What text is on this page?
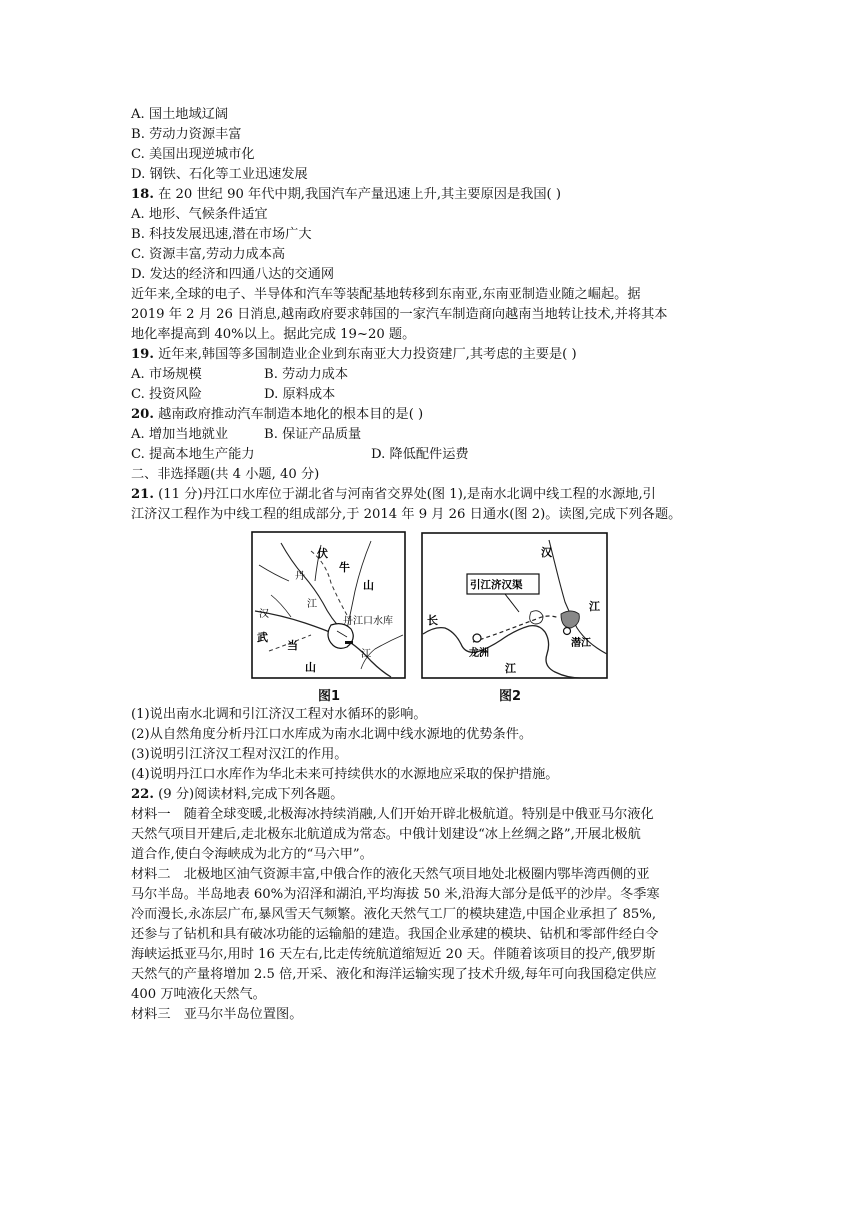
A. 国土地域辽阔
B. 劳动力资源丰富
C. 美国出现逆城市化
D. 钢铁、石化等工业迅速发展
18. 在 20 世纪 90 年代中期,我国汽车产量迅速上升,其主要原因是我国( )
A. 地形、气候条件适宜
B. 科技发展迅速,潜在市场广大
C. 资源丰富,劳动力成本高
D. 发达的经济和四通八达的交通网
近年来,全球的电子、半导体和汽车等装配基地转移到东南亚,东南亚制造业随之崛起。据
2019 年 2 月 26 日消息,越南政府要求韩国的一家汽车制造商向越南当地转让技术,并将其本
地化率提高到 40%以上。据此完成 19~20 题。
19. 近年来,韩国等多国制造业企业到东南亚大力投资建厂,其考虑的主要是( )
A. 市场规模	B. 劳动力成本
C. 投资风险	D. 原料成本
20. 越南政府推动汽车制造本地化的根本目的是( )
A. 增加当地就业	B. 保证产品质量
C. 提高本地生产能力	D. 降低配件运费
二、非选择题(共 4 小题, 40 分)
21. (11 分)丹江口水库位于湖北省与河南省交界处(图 1),是南水北调中线工程的水源地,引
江济汉工程作为中线工程的组成部分,于 2014 年 9 月 26 日通水(图 2)。读图,完成下列各题。
伏
牛
山
丹
江
汉
丹江口水库
武
当
山
江
图1
引江济汉渠
汉
江
潜江
长
龙洲
江
图2
(1)说出南水北调和引江济汉工程对水循环的影响。
(2)从自然角度分析丹江口水库成为南水北调中线水源地的优势条件。
(3)说明引江济汉工程对汉江的作用。
(4)说明丹江口水库作为华北未来可持续供水的水源地应采取的保护措施。
22. (9 分)阅读材料,完成下列各题。
材料一　随着全球变暖,北极海冰持续消融,人们开始开辟北极航道。特别是中俄亚马尔液化
天然气项目开建后,走北极东北航道成为常态。中俄计划建设“冰上丝绸之路”,开展北极航
道合作,使白令海峡成为北方的“马六甲”。
材料二　北极地区油气资源丰富,中俄合作的液化天然气项目地处北极圈内鄂毕湾西侧的亚
马尔半岛。半岛地表 60%为沼泽和湖泊,平均海拔 50 米,沿海大部分是低平的沙岸。冬季寒
冷而漫长,永冻层广布,暴风雪天气频繁。液化天然气工厂的模块建造,中国企业承担了 85%,
还参与了钻机和具有破冰功能的运输船的建造。我国企业承建的模块、钻机和零部件经白令
海峡运抵亚马尔,用时 16 天左右,比走传统航道缩短近 20 天。伴随着该项目的投产,俄罗斯
天然气的产量将增加 2.5 倍,开采、液化和海洋运输实现了技术升级,每年可向我国稳定供应
400 万吨液化天然气。
材料三　亚马尔半岛位置图。
